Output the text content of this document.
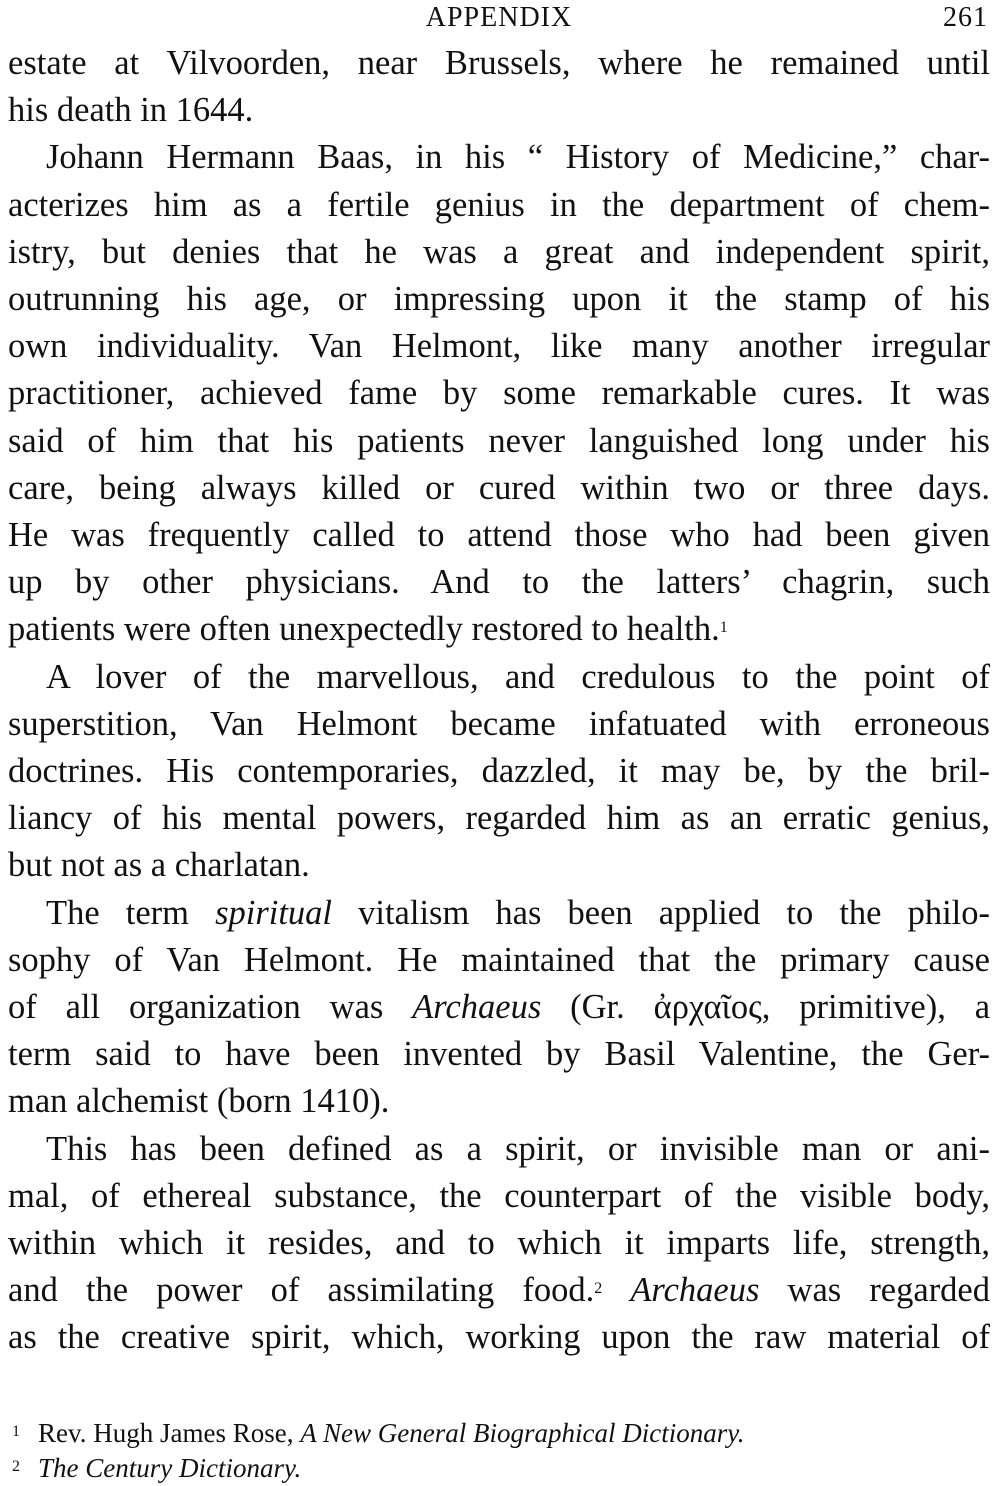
APPENDIX	261
estate at Vilvoorden, near Brussels, where he remained until
his death in 1644.
Johann Hermann Baas, in his “ History of Medicine,” char-
acterizes him as a fertile genius in the department of chem-
istry, but denies that he was a great and independent spirit,
outrunning his age, or impressing upon it the stamp of his
own individuality. Van Helmont, like many another irregular
practitioner, achieved fame by some remarkable cures. It was
said of him that his patients never languished long under his
care, being always killed or cured within two or three days.
He was frequently called to attend those who had been given
up by other physicians. And to the latters’ chagrin, such
patients were often unexpectedly restored to health.$^1$
A lover of the marvellous, and credulous to the point of
superstition, Van Helmont became infatuated with erroneous
doctrines. His contemporaries, dazzled, it may be, by the bril-
liancy of his mental powers, regarded him as an erratic genius,
but not as a charlatan.
The term spiritual vitalism has been applied to the philo-
sophy of Van Helmont. He maintained that the primary cause
of all organization was Archaeus (Gr. ἀρχαῖος, primitive), a
term said to have been invented by Basil Valentine, the Ger-
man alchemist (born 1410).
This has been defined as a spirit, or invisible man or ani-
mal, of ethereal substance, the counterpart of the visible body,
within which it resides, and to which it imparts life, strength,
and the power of assimilating food.$^2$ Archaeus was regarded
as the creative spirit, which, working upon the raw material of
1 Rev. Hugh James Rose, A New General Biographical Dictionary.
2 The Century Dictionary.
